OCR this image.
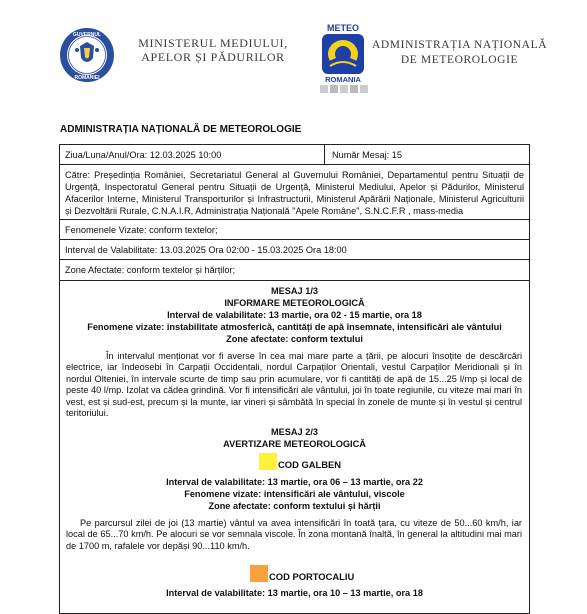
GUVERNUL
ROMÂNIEI
MINISTERUL MEDIULUI,
APELOR ȘI PĂDURILOR
METEO
ROMANIA
ADMINISTRAȚIA NAȚIONALĂ
DE METEOROLOGIE
ADMINISTRAȚIA NAȚIONALĂ DE METEOROLOGIE
Ziua/Luna/Anul/Ora: 12.03.2025 10:00	Număr Mesaj: 15
Către: Președinția României, Secretariatul General al Guvernului României, Departamentul pentru Situații de Urgență, Inspectoratul General pentru Situații de Urgență, Ministerul Mediului, Apelor și Pădurilor, Ministerul Afacerilor Interne, Ministerul Transporturilor și Infrastructurii, Ministerul Apărării Naționale, Ministerul Agriculturii și Dezvoltării Rurale, C.N.A.I.R, Administrația Națională "Apele Române", S.N.C.F.R , mass-media
Fenomenele Vizate: conform textelor;
Interval de Valabilitate: 13.03.2025 Ora 02:00 - 15.03.2025 Ora 18:00
Zone Afectate: conform textelor și hărților;
MESAJ 1/3
INFORMARE METEOROLOGICĂ
Interval de valabilitate: 13 martie, ora 02 - 15 martie, ora 18
Fenomene vizate: instabilitate atmosferică, cantități de apă însemnate, intensificări ale vântului
Zone afectate: conform textului
În intervalul menționat vor fi averse în cea mai mare parte a țării, pe alocuri însoțite de descărcări electrice, iar îndeosebi în Carpații Occidentali, nordul Carpaților Orientali, vestul Carpaților Meridionali și în nordul Olteniei, în intervale scurte de timp sau prin acumulare, vor fi cantități de apă de 15...25 l/mp și local de peste 40 l/mp. Izolat va cădea grindină. Vor fi intensificări ale vântului, joi în toate regiunile, cu viteze mai mari în vest, est și sud-est, precum și la munte, iar vineri și sâmbătă în special în zonele de munte și în vestul și centrul teritoriului.
MESAJ 2/3
AVERTIZARE METEOROLOGICĂ
COD GALBEN
Interval de valabilitate: 13 martie, ora 06 – 13 martie, ora 22
Fenomene vizate: intensificări ale vântului, viscole
Zone afectate: conform textului și hărții
Pe parcursul zilei de joi (13 martie) vântul va avea intensificări în toată țara, cu viteze de 50...60 km/h, iar local de 65...70 km/h. Pe alocuri se vor semnala viscole. În zona montană înaltă, în general la altitudini mai mari de 1700 m, rafalele vor depăși 90...110 km/h.
COD PORTOCALIU
Interval de valabilitate: 13 martie, ora 10 – 13 martie, ora 18
